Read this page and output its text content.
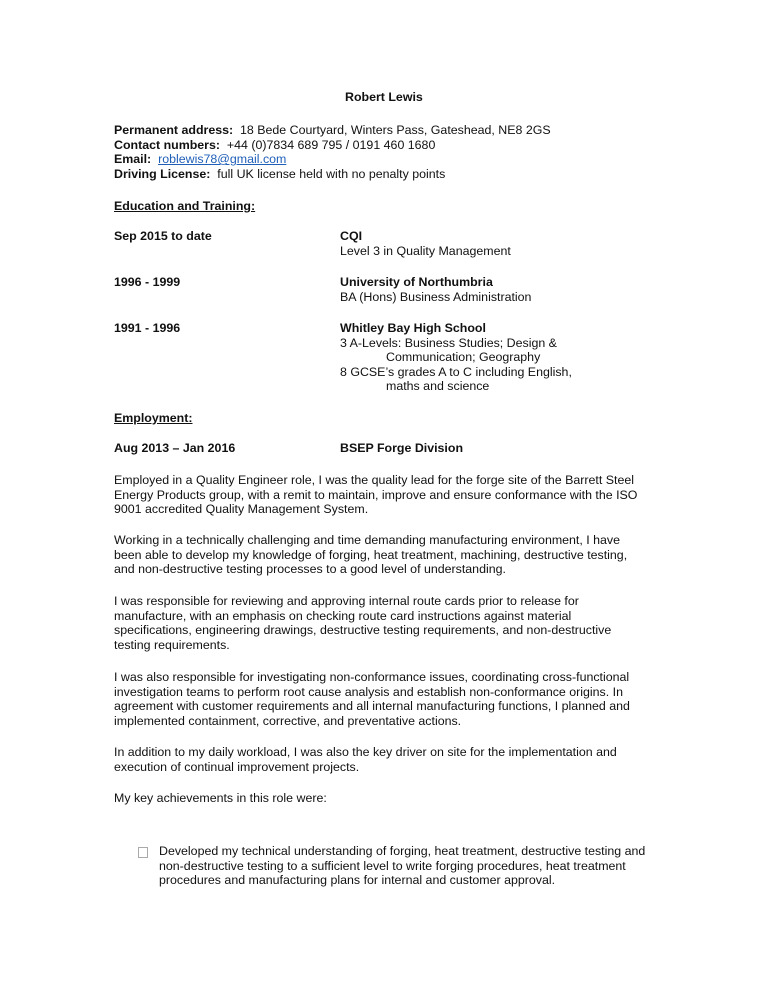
Robert Lewis
Permanent address: 18 Bede Courtyard, Winters Pass, Gateshead, NE8 2GS
Contact numbers: +44 (0)7834 689 795 / 0191 460 1680
Email: roblewis78@gmail.com
Driving License: full UK license held with no penalty points
Education and Training:
Sep 2015 to date	CQI
Level 3 in Quality Management
1996 - 1999	University of Northumbria
BA (Hons) Business Administration
1991 - 1996	Whitley Bay High School
3 A-Levels: Business Studies; Design &
Communication; Geography
8 GCSE’s grades A to C including English,
maths and science
Employment:
Aug 2013 – Jan 2016	BSEP Forge Division
Employed in a Quality Engineer role, I was the quality lead for the forge site of the Barrett Steel
Energy Products group, with a remit to maintain, improve and ensure conformance with the ISO
9001 accredited Quality Management System.
Working in a technically challenging and time demanding manufacturing environment, I have
been able to develop my knowledge of forging, heat treatment, machining, destructive testing,
and non-destructive testing processes to a good level of understanding.
I was responsible for reviewing and approving internal route cards prior to release for
manufacture, with an emphasis on checking route card instructions against material
specifications, engineering drawings, destructive testing requirements, and non-destructive
testing requirements.
I was also responsible for investigating non-conformance issues, coordinating cross-functional
investigation teams to perform root cause analysis and establish non-conformance origins. In
agreement with customer requirements and all internal manufacturing functions, I planned and
implemented containment, corrective, and preventative actions.
In addition to my daily workload, I was also the key driver on site for the implementation and
execution of continual improvement projects.
My key achievements in this role were:
Developed my technical understanding of forging, heat treatment, destructive testing and
non-destructive testing to a sufficient level to write forging procedures, heat treatment
procedures and manufacturing plans for internal and customer approval.
